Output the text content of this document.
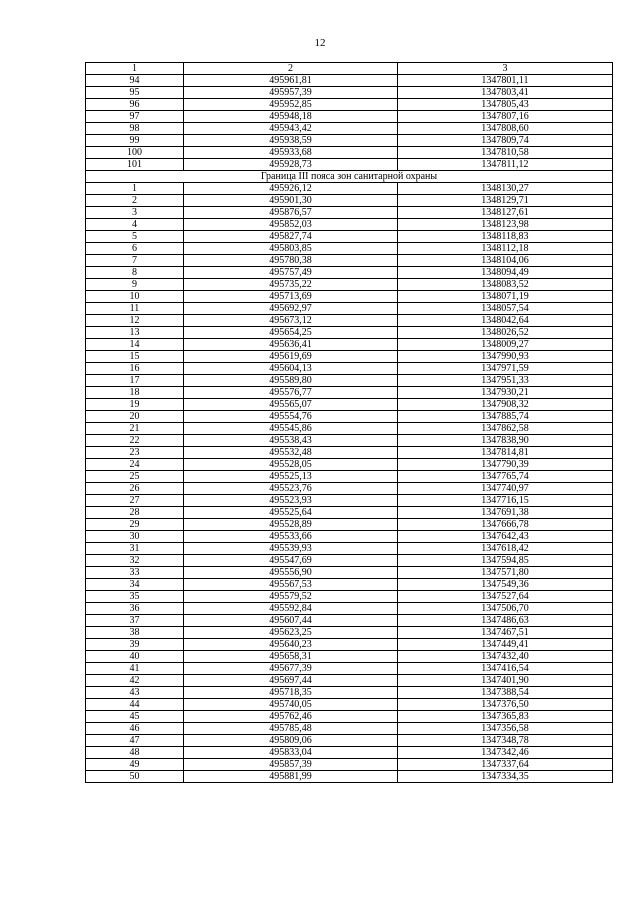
12
1	2	3
94	495961,81	1347801,11
95	495957,39	1347803,41
96	495952,85	1347805,43
97	495948,18	1347807,16
98	495943,42	1347808,60
99	495938,59	1347809,74
100	495933,68	1347810,58
101	495928,73	1347811,12
Граница III пояса зон санитарной охраны		
1	495926,12	1348130,27
2	495901,30	1348129,71
3	495876,57	1348127,61
4	495852,03	1348123,98
5	495827,74	1348118,83
6	495803,85	1348112,18
7	495780,38	1348104,06
8	495757,49	1348094,49
9	495735,22	1348083,52
10	495713,69	1348071,19
11	495692,97	1348057,54
12	495673,12	1348042,64
13	495654,25	1348026,52
14	495636,41	1348009,27
15	495619,69	1347990,93
16	495604,13	1347971,59
17	495589,80	1347951,33
18	495576,77	1347930,21
19	495565,07	1347908,32
20	495554,76	1347885,74
21	495545,86	1347862,58
22	495538,43	1347838,90
23	495532,48	1347814,81
24	495528,05	1347790,39
25	495525,13	1347765,74
26	495523,76	1347740,97
27	495523,93	1347716,15
28	495525,64	1347691,38
29	495528,89	1347666,78
30	495533,66	1347642,43
31	495539,93	1347618,42
32	495547,69	1347594,85
33	495556,90	1347571,80
34	495567,53	1347549,36
35	495579,52	1347527,64
36	495592,84	1347506,70
37	495607,44	1347486,63
38	495623,25	1347467,51
39	495640,23	1347449,41
40	495658,31	1347432,40
41	495677,39	1347416,54
42	495697,44	1347401,90
43	495718,35	1347388,54
44	495740,05	1347376,50
45	495762,46	1347365,83
46	495785,48	1347356,58
47	495809,06	1347348,78
48	495833,04	1347342,46
49	495857,39	1347337,64
50	495881,99	1347334,35
